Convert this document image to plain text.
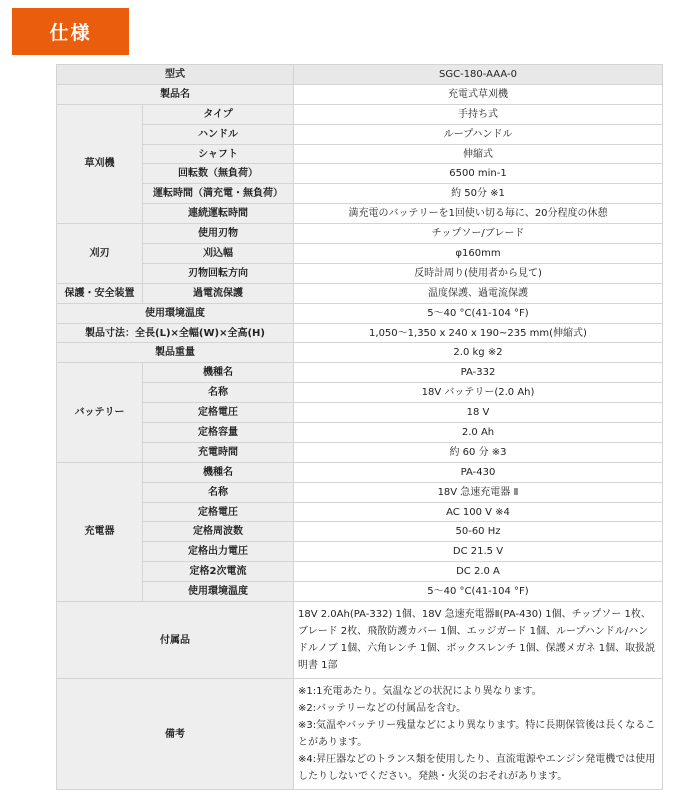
仕様
型式		SGC-180-AAA-0
製品名		充電式草刈機
草刈機	タイプ	手持ち式
	ハンドル	ループハンドル
	シャフト	伸縮式
	回転数（無負荷）	6500 min-1
	運転時間（満充電・無負荷）	約 50分 ※1
	連続運転時間	満充電のバッテリーを1回使い切る毎に、20分程度の休憩
刈刃	使用刃物	チップソー/ブレード
	刈込幅	φ160mm
	刃物回転方向	反時計周り(使用者から見て)
保護・安全装置	過電流保護	温度保護、過電流保護
使用環境温度		5～40 °C(41-104 °F)
製品寸法：全長(L)×全幅(W)×全高(H)		1,050～1,350 x 240 x 190~235 mm(伸縮式)
製品重量		2.0 kg ※2
バッテリー	機種名	PA-332
	名称	18V バッテリー(2.0 Ah)
	定格電圧	18 V
	定格容量	2.0 Ah
	充電時間	約 60 分 ※3
充電器	機種名	PA-430
	名称	18V 急速充電器 Ⅱ
	定格電圧	AC 100 V ※4
	定格周波数	50-60 Hz
	定格出力電圧	DC 21.5 V
	定格2次電流	DC 2.0 A
	使用環境温度	5～40 °C(41-104 °F)
付属品		18V 2.0Ah(PA-332) 1個、18V 急速充電器Ⅱ(PA-430) 1個、チップソー 1枚、ブレード 2枚、飛散防護カバー 1個、エッジガード 1個、ループハンドル/ハンドルノブ 1個、六角レンチ 1個、ボックスレンチ 1個、保護メガネ 1個、取扱説明書 1部
備考		※1:1充電あたり。気温などの状況により異なります。
※2:バッテリーなどの付属品を含む。
※3:気温やバッテリー残量などにより異なります。特に長期保管後は長くなることがあります。
※4:昇圧器などのトランス類を使用したり、直流電源やエンジン発電機では使用したりしないでください。発熱・火災のおそれがあります。
